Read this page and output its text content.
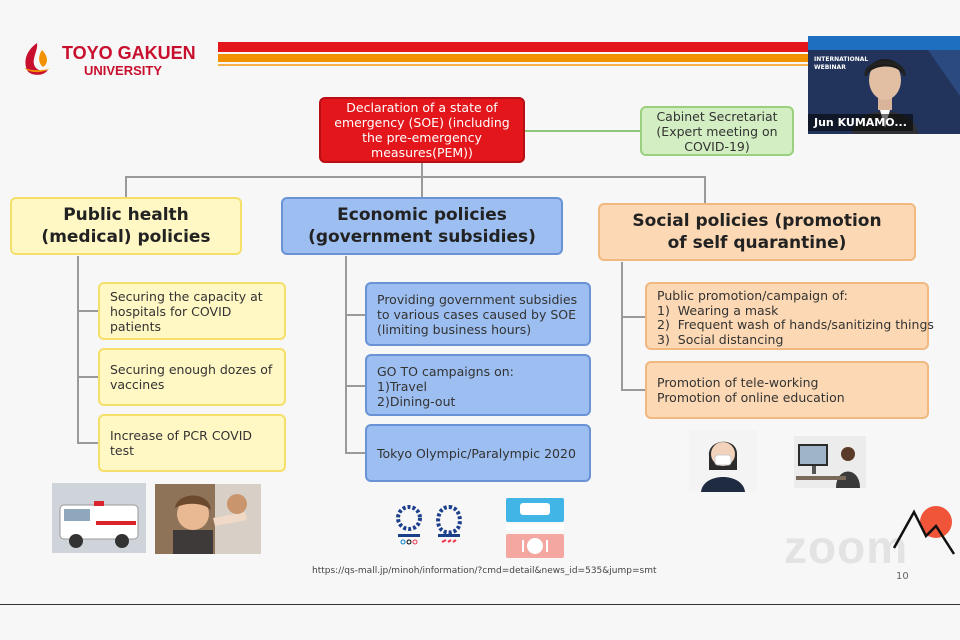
TOYO GAKUEN
UNIVERSITY
Declaration of a state of emergency (SOE) (including the pre-emergency measures(PEM))
Cabinet Secretariat (Expert meeting on COVID-19)
Public health (medical) policies
Economic policies (government subsidies)
Social policies (promotion of self quarantine)
Securing the capacity at hospitals for COVID patients
Securing enough dozes of vaccines
Increase of PCR COVID test
Providing government subsidies to various cases caused by SOE (limiting business hours)
GO TO campaigns on:
1)Travel
2)Dining-out
Tokyo Olympic/Paralympic 2020
Public promotion/campaign of:
1)  Wearing a mask
2)  Frequent wash of hands/sanitizing things
3)  Social distancing
Promotion of tele-working
Promotion of online education
https://qs-mall.jp/minoh/information/?cmd=detail&news_id=535&jump=smt	zoom
10
INTERNATIONAL WEBINAR
Jun KUMAMO...
